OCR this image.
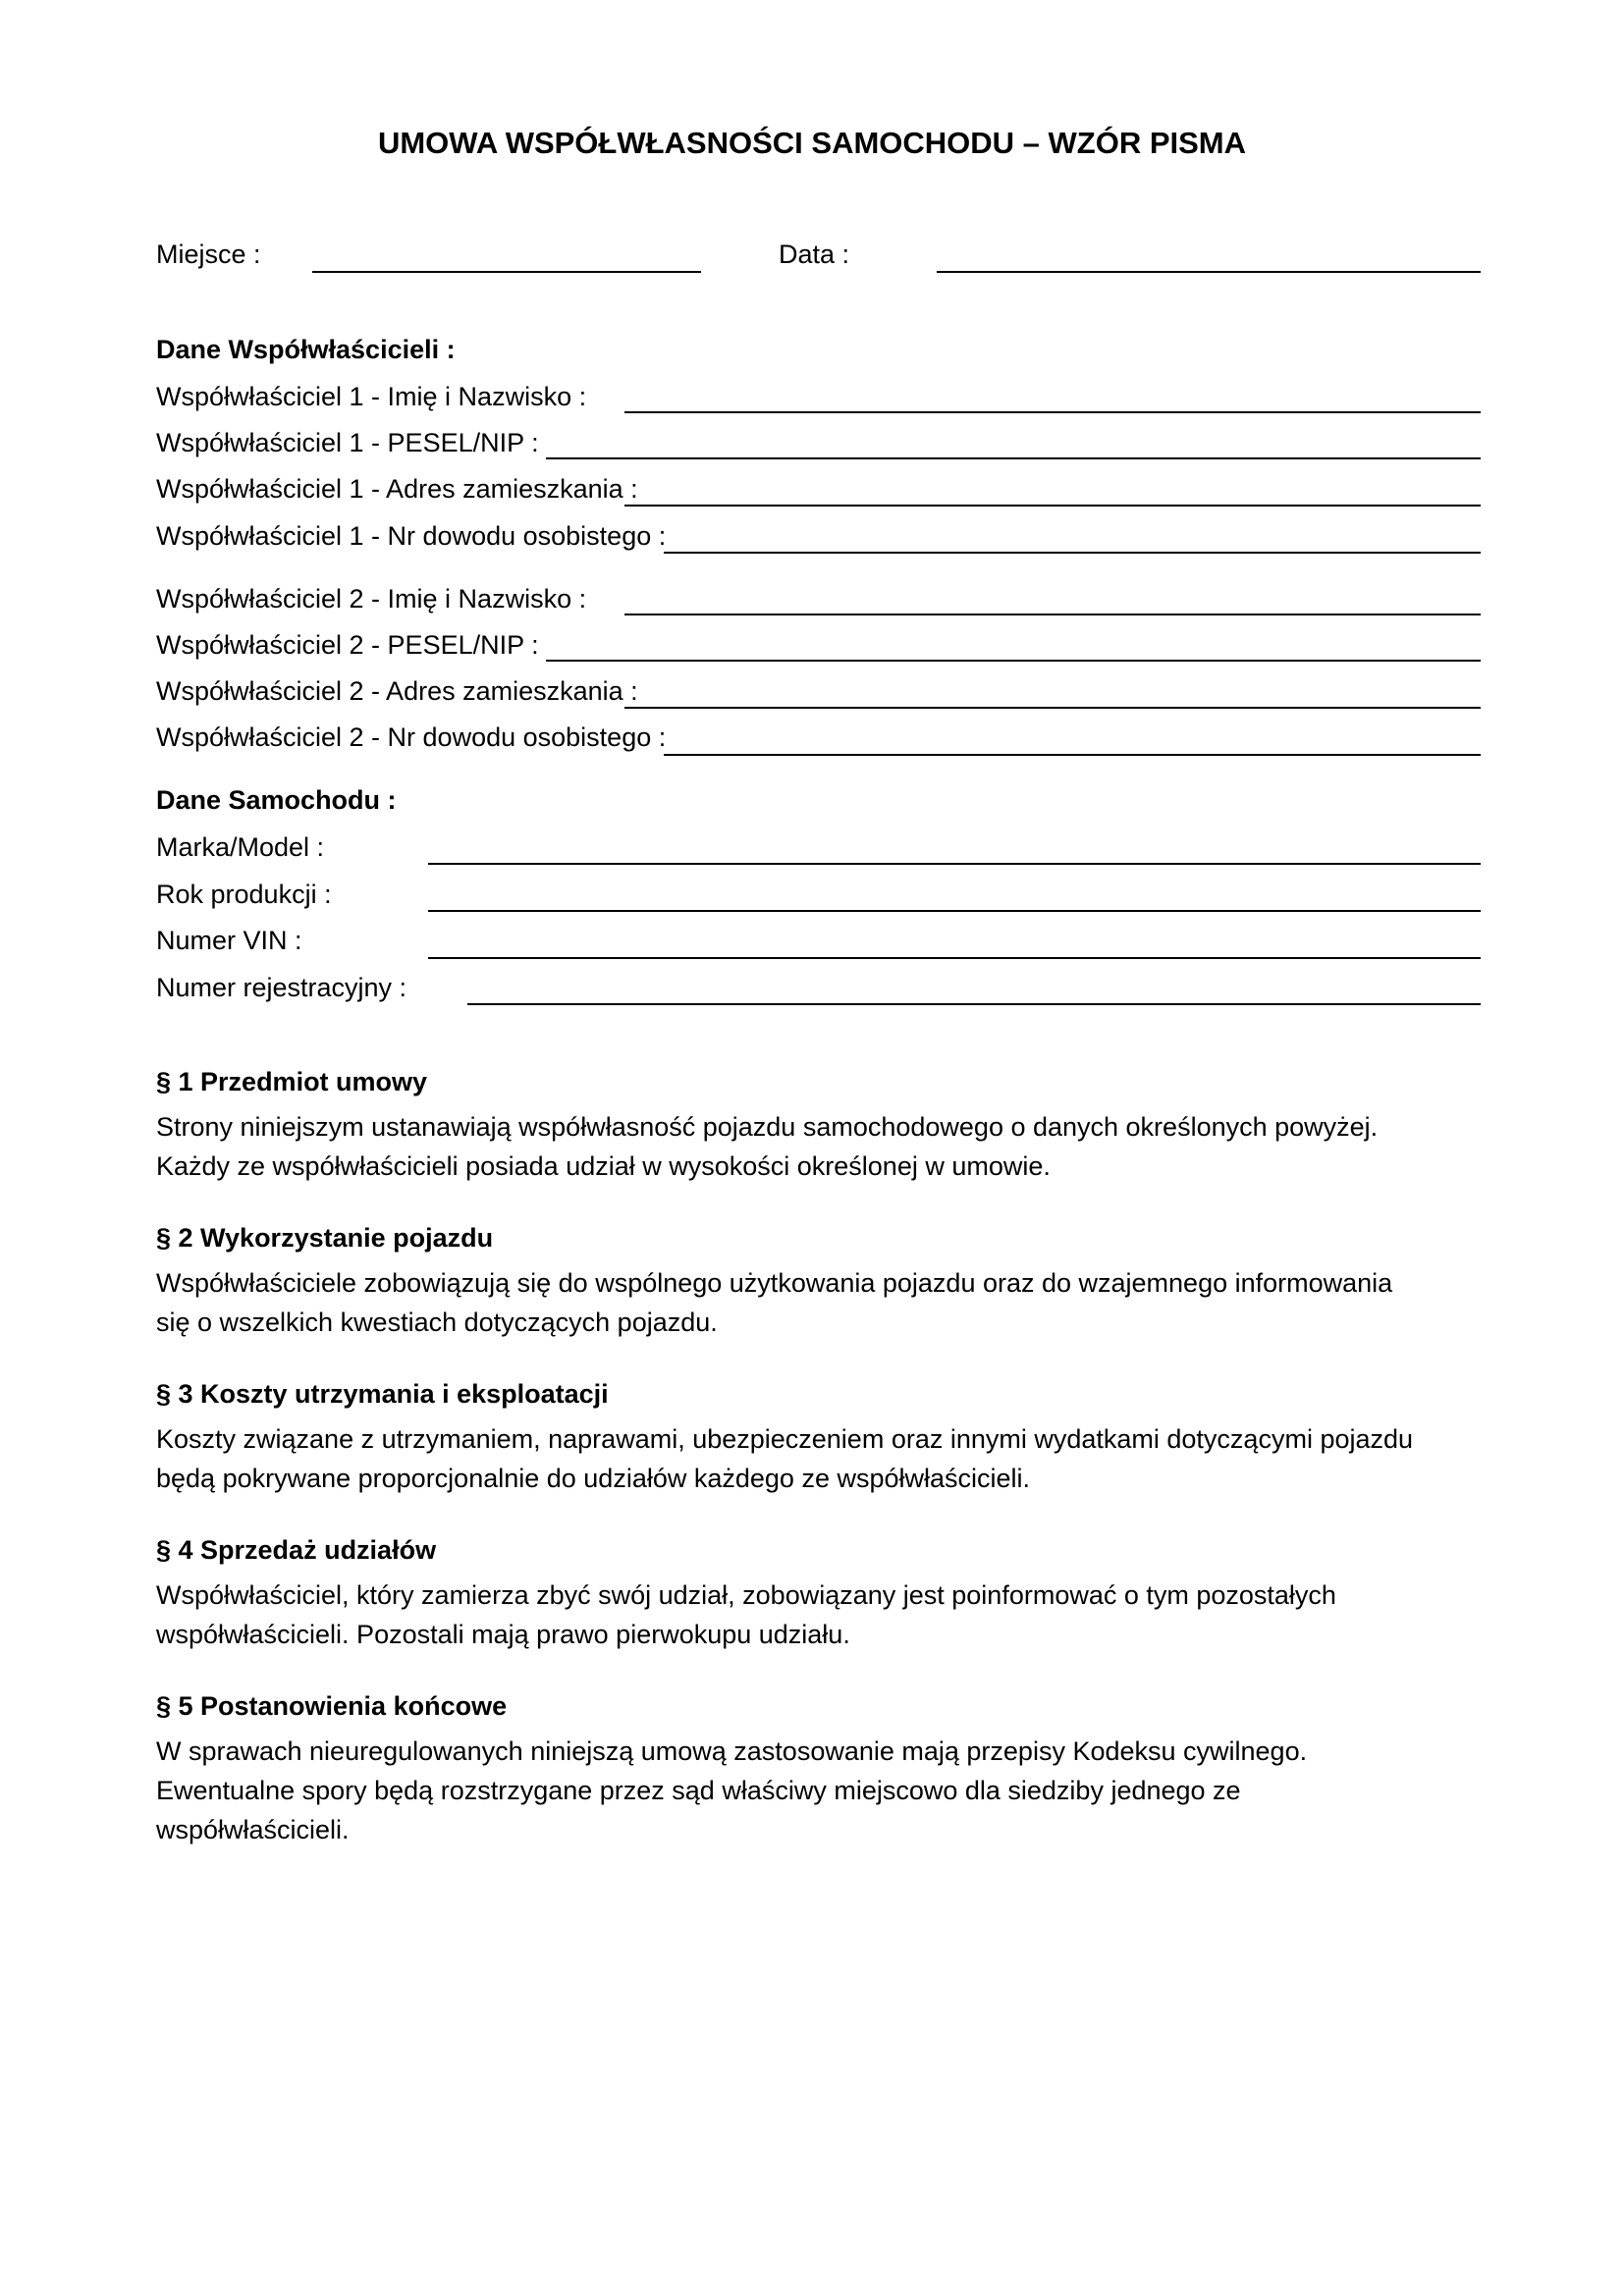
UMOWA WSPÓŁWŁASNOŚCI SAMOCHODU – WZÓR PISMA
Miejsce :	Data :
Dane Współwłaścicieli :
Współwłaściciel 1 - Imię i Nazwisko :
Współwłaściciel 1 - PESEL/NIP :
Współwłaściciel 1 - Adres zamieszkania :
Współwłaściciel 1 - Nr dowodu osobistego :
Współwłaściciel 2 - Imię i Nazwisko :
Współwłaściciel 2 - PESEL/NIP :
Współwłaściciel 2 - Adres zamieszkania :
Współwłaściciel 2 - Nr dowodu osobistego :
Dane Samochodu :
Marka/Model :
Rok produkcji :
Numer VIN :
Numer rejestracyjny :
§ 1 Przedmiot umowy
Strony niniejszym ustanawiają współwłasność pojazdu samochodowego o danych określonych powyżej.
Każdy ze współwłaścicieli posiada udział w wysokości określonej w umowie.
§ 2 Wykorzystanie pojazdu
Współwłaściciele zobowiązują się do wspólnego użytkowania pojazdu oraz do wzajemnego informowania
się o wszelkich kwestiach dotyczących pojazdu.
§ 3 Koszty utrzymania i eksploatacji
Koszty związane z utrzymaniem, naprawami, ubezpieczeniem oraz innymi wydatkami dotyczącymi pojazdu
będą pokrywane proporcjonalnie do udziałów każdego ze współwłaścicieli.
§ 4 Sprzedaż udziałów
Współwłaściciel, który zamierza zbyć swój udział, zobowiązany jest poinformować o tym pozostałych
współwłaścicieli. Pozostali mają prawo pierwokupu udziału.
§ 5 Postanowienia końcowe
W sprawach nieuregulowanych niniejszą umową zastosowanie mają przepisy Kodeksu cywilnego.
Ewentualne spory będą rozstrzygane przez sąd właściwy miejscowo dla siedziby jednego ze
współwłaścicieli.
